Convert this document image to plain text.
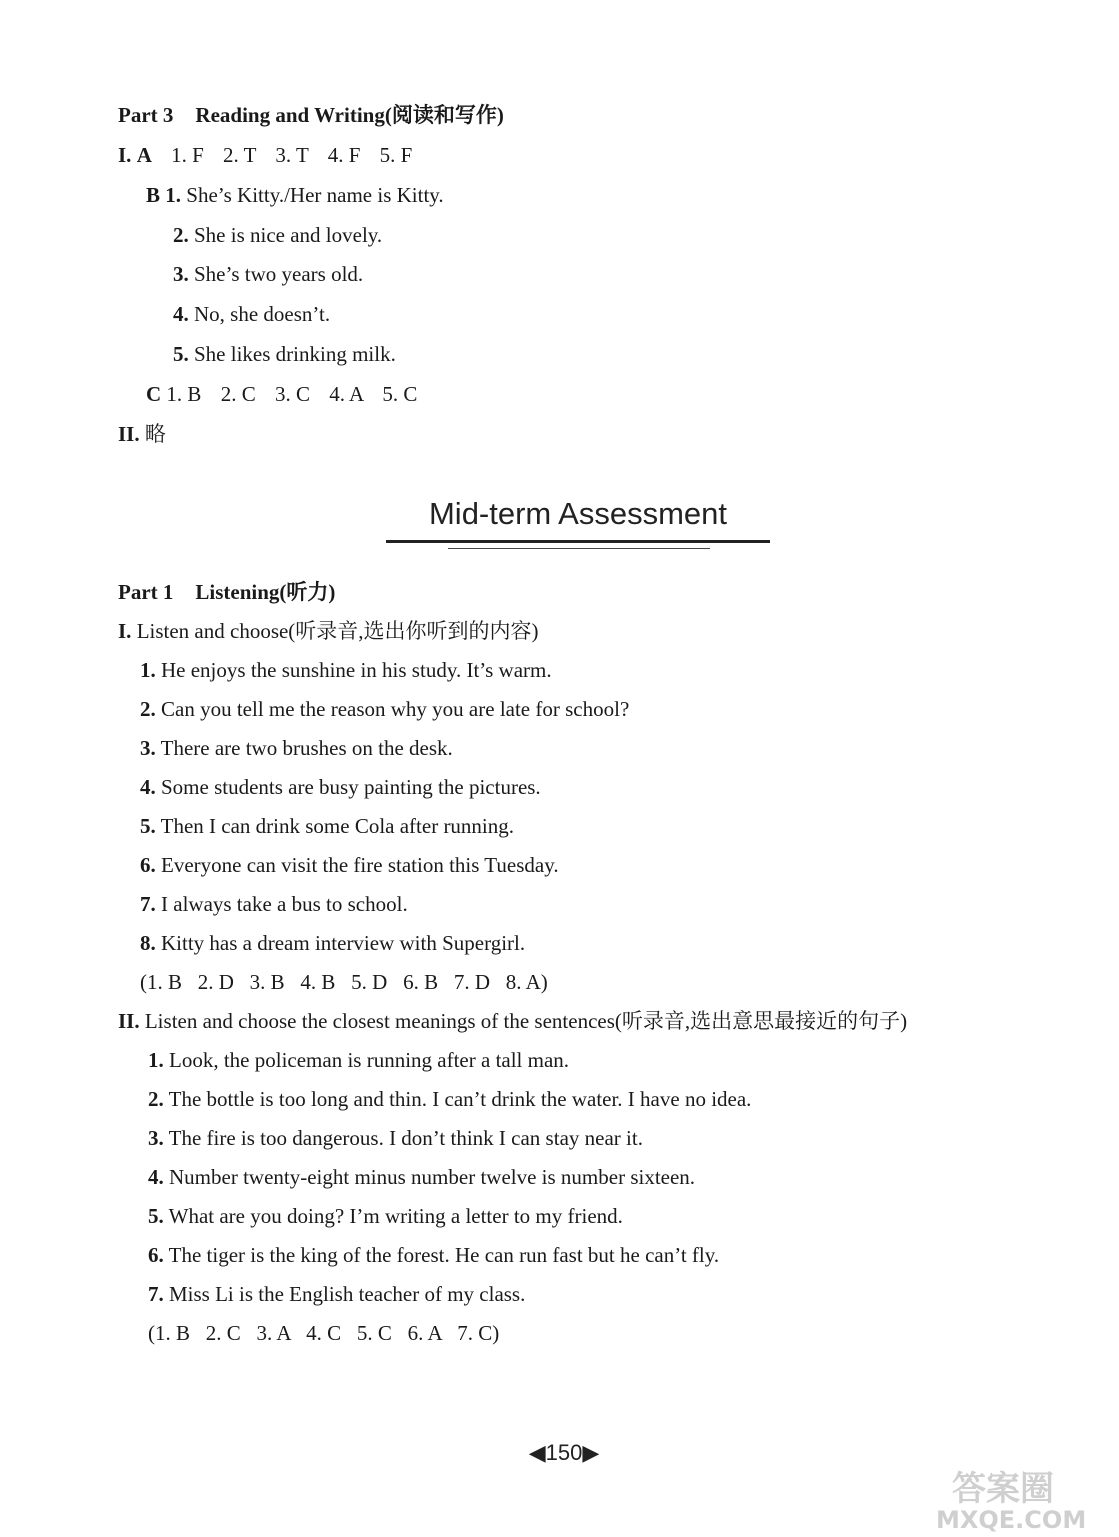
Part 3 Reading and Writing(阅读和写作)
I. A 1. F 2. T 3. T 4. F 5. F
B 1. She’s Kitty./Her name is Kitty.
2. She is nice and lovely.
3. She’s two years old.
4. No, she doesn’t.
5. She likes drinking milk.
C 1. B 2. C 3. C 4. A 5. C
II. 略
Mid-term Assessment
Part 1 Listening(听力)
I. Listen and choose(听录音,选出你听到的内容)
1. He enjoys the sunshine in his study. It’s warm.
2. Can you tell me the reason why you are late for school?
3. There are two brushes on the desk.
4. Some students are busy painting the pictures.
5. Then I can drink some Cola after running.
6. Everyone can visit the fire station this Tuesday.
7. I always take a bus to school.
8. Kitty has a dream interview with Supergirl.
(1. B   2. D   3. B   4. B   5. D   6. B   7. D   8. A)
II. Listen and choose the closest meanings of the sentences(听录音,选出意思最接近的句子)
1. Look, the policeman is running after a tall man.
2. The bottle is too long and thin. I can’t drink the water. I have no idea.
3. The fire is too dangerous. I don’t think I can stay near it.
4. Number twenty-eight minus number twelve is number sixteen.
5. What are you doing? I’m writing a letter to my friend.
6. The tiger is the king of the forest. He can run fast but he can’t fly.
7. Miss Li is the English teacher of my class.
(1. B   2. C   3. A   4. C   5. C   6. A   7. C)
◀150▶
答案圈
MXQE.COM
